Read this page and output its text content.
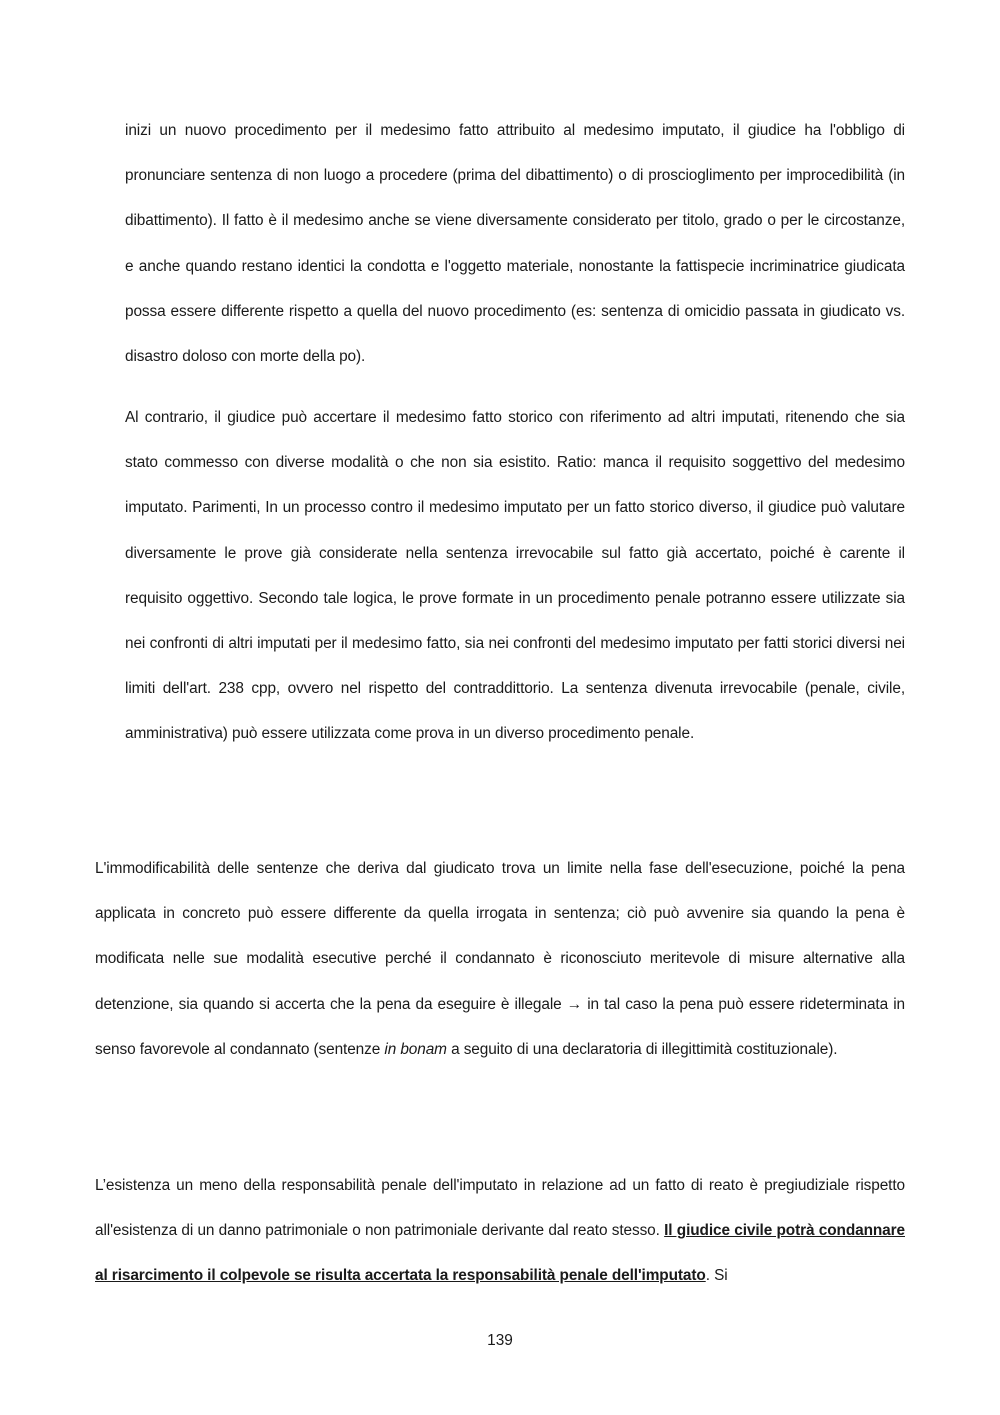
inizi un nuovo procedimento per il medesimo fatto attribuito al medesimo imputato, il giudice ha l'obbligo di pronunciare sentenza di non luogo a procedere (prima del dibattimento) o di proscioglimento per improcedibilità (in dibattimento). Il fatto è il medesimo anche se viene diversamente considerato per titolo, grado o per le circostanze, e anche quando restano identici la condotta e l'oggetto materiale, nonostante la fattispecie incriminatrice giudicata possa essere differente rispetto a quella del nuovo procedimento (es: sentenza di omicidio passata in giudicato vs. disastro doloso con morte della po).

Al contrario, il giudice può accertare il medesimo fatto storico con riferimento ad altri imputati, ritenendo che sia stato commesso con diverse modalità o che non sia esistito. Ratio: manca il requisito soggettivo del medesimo imputato. Parimenti, In un processo contro il medesimo imputato per un fatto storico diverso, il giudice può valutare diversamente le prove già considerate nella sentenza irrevocabile sul fatto già accertato, poiché è carente il requisito oggettivo. Secondo tale logica, le prove formate in un procedimento penale potranno essere utilizzate sia nei confronti di altri imputati per il medesimo fatto, sia nei confronti del medesimo imputato per fatti storici diversi nei limiti dell'art. 238 cpp, ovvero nel rispetto del contraddittorio. La sentenza divenuta irrevocabile (penale, civile, amministrativa) può essere utilizzata come prova in un diverso procedimento penale.

L'immodificabilità delle sentenze che deriva dal giudicato trova un limite nella fase dell'esecuzione, poiché la pena applicata in concreto può essere differente da quella irrogata in sentenza; ciò può avvenire sia quando la pena è modificata nelle sue modalità esecutive perché il condannato è riconosciuto meritevole di misure alternative alla detenzione, sia quando si accerta che la pena da eseguire è illegale → in tal caso la pena può essere rideterminata in senso favorevole al condannato (sentenze in bonam a seguito di una declaratoria di illegittimità costituzionale).

L’esistenza un meno della responsabilità penale dell'imputato in relazione ad un fatto di reato è pregiudiziale rispetto all'esistenza di un danno patrimoniale o non patrimoniale derivante dal reato stesso. Il giudice civile potrà condannare al risarcimento il colpevole se risulta accertata la responsabilità penale dell'imputato. Si

139
